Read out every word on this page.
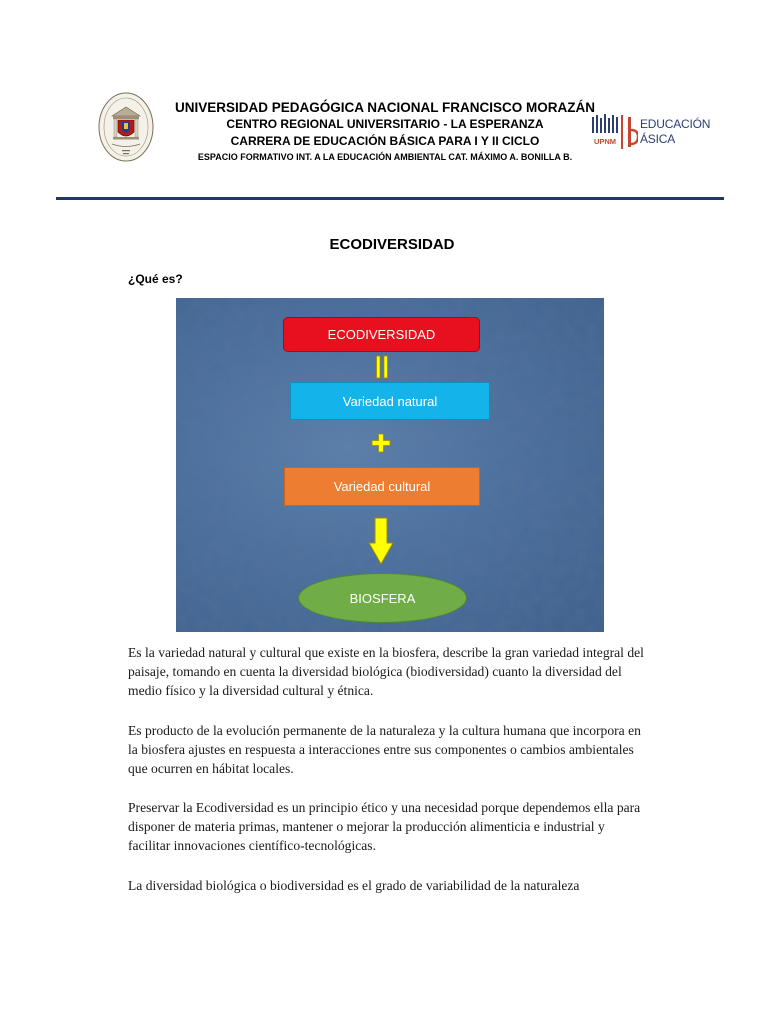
UNIVERSIDAD PEDAGÓGICA NACIONAL FRANCISCO MORAZÁN
CENTRO REGIONAL UNIVERSITARIO - LA ESPERANZA
CARRERA DE EDUCACIÓN BÁSICA PARA I Y II CICLO
ESPACIO FORMATIVO INT. A LA EDUCACIÓN AMBIENTAL CAT. MÁXIMO A. BONILLA B.
UPNM
EDUCACIÓN
ÁSICA
ECODIVERSIDAD
¿Qué es?
ECODIVERSIDAD
Variedad natural
Variedad cultural
BIOSFERA
Es la variedad natural y cultural que existe en la biosfera, describe la gran variedad integral del paisaje, tomando en cuenta la diversidad biológica (biodiversidad) cuanto la diversidad del medio físico y la diversidad cultural y étnica.
Es producto de la evolución permanente de la naturaleza y la cultura humana que incorpora en la biosfera ajustes en respuesta a interacciones entre sus componentes o cambios ambientales que ocurren en hábitat locales.
Preservar la Ecodiversidad es un principio ético y una necesidad porque dependemos ella para disponer de materia primas, mantener o mejorar la producción alimenticia e industrial y facilitar innovaciones científico-tecnológicas.
La diversidad biológica o biodiversidad es el grado de variabilidad de la naturaleza
